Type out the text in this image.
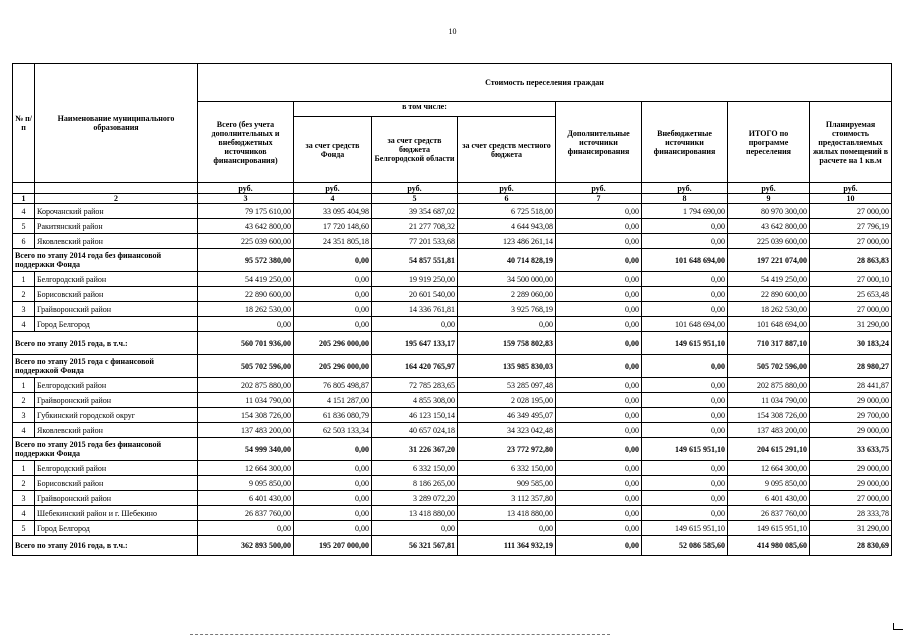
10
№ п/п	Наименование муниципального образования	Стоимость переселения граждан							
		Всего (без учета дополнительных и внебюджетных источников финансирования)	в том числе:			Дополнительные источники финансирования	Внебюджетные источники финансирования	ИТОГО по программе переселения	Планируемая стоимость предоставляемых жилых помещений в расчете на 1 кв.м
			за счет средств Фонда	за счет средств бюджета Белгородской области	за счет средств местного бюджета				
		руб.	руб.	руб.	руб.	руб.	руб.	руб.	руб.
1	2	3	4	5	6	7	8	9	10
4	Корочанский район	79 175 610,00	33 095 404,98	39 354 687,02	6 725 518,00	0,00	1 794 690,00	80 970 300,00	27 000,00
5	Ракитянский район	43 642 800,00	17 720 148,60	21 277 708,32	4 644 943,08	0,00	0,00	43 642 800,00	27 796,19
6	Яковлевский район	225 039 600,00	24 351 805,18	77 201 533,68	123 486 261,14	0,00	0,00	225 039 600,00	27 000,00
Всего по этапу 2014 года без финансовой поддержки Фонда		95 572 380,00	0,00	54 857 551,81	40 714 828,19	0,00	101 648 694,00	197 221 074,00	28 863,83
1	Белгородский район	54 419 250,00	0,00	19 919 250,00	34 500 000,00	0,00	0,00	54 419 250,00	27 000,10
2	Борисовский район	22 890 600,00	0,00	20 601 540,00	2 289 060,00	0,00	0,00	22 890 600,00	25 653,48
3	Грайворонский район	18 262 530,00	0,00	14 336 761,81	3 925 768,19	0,00	0,00	18 262 530,00	27 000,00
4	Город Белгород	0,00	0,00	0,00	0,00	0,00	101 648 694,00	101 648 694,00	31 290,00
Всего по этапу 2015 года, в т.ч.:		560 701 936,00	205 296 000,00	195 647 133,17	159 758 802,83	0,00	149 615 951,10	710 317 887,10	30 183,24
Всего по этапу 2015 года с финансовой поддержкой Фонда		505 702 596,00	205 296 000,00	164 420 765,97	135 985 830,03	0,00	0,00	505 702 596,00	28 980,27
1	Белгородский район	202 875 880,00	76 805 498,87	72 785 283,65	53 285 097,48	0,00	0,00	202 875 880,00	28 441,87
2	Грайворонский район	11 034 790,00	4 151 287,00	4 855 308,00	2 028 195,00	0,00	0,00	11 034 790,00	29 000,00
3	Губкинский городской округ	154 308 726,00	61 836 080,79	46 123 150,14	46 349 495,07	0,00	0,00	154 308 726,00	29 700,00
4	Яковлевский район	137 483 200,00	62 503 133,34	40 657 024,18	34 323 042,48	0,00	0,00	137 483 200,00	29 000,00
Всего по этапу 2015 года без финансовой поддержки Фонда		54 999 340,00	0,00	31 226 367,20	23 772 972,80	0,00	149 615 951,10	204 615 291,10	33 633,75
1	Белгородский район	12 664 300,00	0,00	6 332 150,00	6 332 150,00	0,00	0,00	12 664 300,00	29 000,00
2	Борисовский район	9 095 850,00	0,00	8 186 265,00	909 585,00	0,00	0,00	9 095 850,00	29 000,00
3	Грайворонский район	6 401 430,00	0,00	3 289 072,20	3 112 357,80	0,00	0,00	6 401 430,00	27 000,00
4	Шебекинский район и г. Шебекино	26 837 760,00	0,00	13 418 880,00	13 418 880,00	0,00	0,00	26 837 760,00	28 333,78
5	Город Белгород	0,00	0,00	0,00	0,00	0,00	149 615 951,10	149 615 951,10	31 290,00
Всего по этапу 2016 года, в т.ч.:		362 893 500,00	195 207 000,00	56 321 567,81	111 364 932,19	0,00	52 086 585,60	414 980 085,60	28 830,69
